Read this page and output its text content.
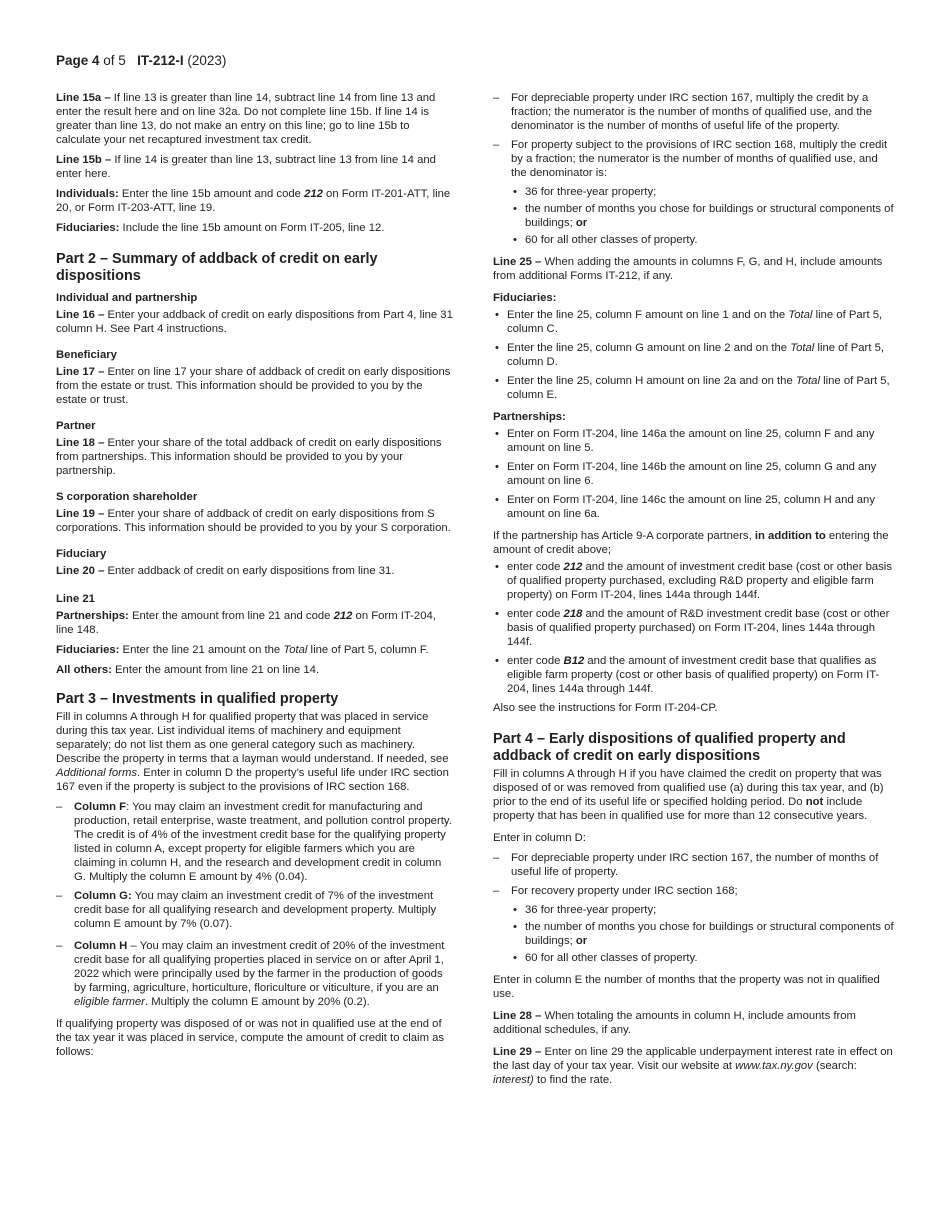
Page 4 of 5 IT-212-I (2023)

Line 15a – If line 13 is greater than line 14, subtract line 14 from line 13 and enter the result here and on line 32a. Do not complete line 15b. If line 14 is greater than line 13, do not make an entry on this line; go to line 15b to calculate your net recaptured investment tax credit.

Line 15b – If line 14 is greater than line 13, subtract line 13 from line 14 and enter here.

Individuals: Enter the line 15b amount and code 212 on Form IT-201-ATT, line 20, or Form IT-203-ATT, line 19.

Fiduciaries: Include the line 15b amount on Form IT-205, line 12.

Part 2 – Summary of addback of credit on early dispositions
Individual and partnership

Line 16 – Enter your addback of credit on early dispositions from Part 4, line 31 column H. See Part 4 instructions.

Beneficiary

Line 17 – Enter on line 17 your share of addback of credit on early dispositions from the estate or trust. This information should be provided to you by the estate or trust.

Partner

Line 18 – Enter your share of the total addback of credit on early dispositions from partnerships. This information should be provided to you by your partnership.

S corporation shareholder

Line 19 – Enter your share of addback of credit on early dispositions from S corporations. This information should be provided to you by your S corporation.

Fiduciary

Line 20 – Enter addback of credit on early dispositions from line 31.

Line 21

Partnerships: Enter the amount from line 21 and code 212 on Form IT-204, line 148.

Fiduciaries: Enter the line 21 amount on the Total line of Part 5, column F.

All others: Enter the amount from line 21 on line 14.

Part 3 – Investments in qualified property

Fill in columns A through H for qualified property that was placed in service during this tax year. List individual items of machinery and equipment separately; do not list them as one general category such as machinery. Describe the property in terms that a layman would understand. If needed, see Additional forms. Enter in column D the property’s useful life under IRC section 167 even if the property is subject to the provisions of IRC section 168.

– Column F: You may claim an investment credit for manufacturing and production, retail enterprise, waste treatment, and pollution control property. The credit is of 4% of the investment credit base for the qualifying property listed in column A, except property for eligible farmers which you are claiming in column H, and the research and development credit in column G. Multiply the column E amount by 4% (0.04).
– Column G: You may claim an investment credit of 7% of the investment credit base for all qualifying research and development property. Multiply column E amount by 7% (0.07).
– Column H – You may claim an investment credit of 20% of the investment credit base for all qualifying properties placed in service on or after April 1, 2022 which were principally used by the farmer in the production of goods by farming, agriculture, horticulture, floriculture or viticulture, if you are an eligible farmer. Multiply the column E amount by 20% (0.2).

If qualifying property was disposed of or was not in qualified use at the end of the tax year it was placed in service, compute the amount of credit to claim as follows:

– For depreciable property under IRC section 167, multiply the credit by a fraction; the numerator is the number of months of qualified use, and the denominator is the number of months of useful life of the property.
– For property subject to the provisions of IRC section 168, multiply the credit by a fraction; the numerator is the number of months of qualified use, and the denominator is:
• 36 for three-year property;
• the number of months you chose for buildings or structural components of buildings; or
• 60 for all other classes of property.

Line 25 – When adding the amounts in columns F, G, and H, include amounts from additional Forms IT-212, if any.

Fiduciaries:
• Enter the line 25, column F amount on line 1 and on the Total line of Part 5, column C.
• Enter the line 25, column G amount on line 2 and on the Total line of Part 5, column D.
• Enter the line 25, column H amount on line 2a and on the Total line of Part 5, column E.
Partnerships:
• Enter on Form IT-204, line 146a the amount on line 25, column F and any amount on line 5.
• Enter on Form IT-204, line 146b the amount on line 25, column G and any amount on line 6.
• Enter on Form IT-204, line 146c the amount on line 25, column H and any amount on line 6a.

If the partnership has Article 9-A corporate partners, in addition to entering the amount of credit above;

• enter code 212 and the amount of investment credit base (cost or other basis of qualified property purchased, excluding R&D property and eligible farm property) on Form IT-204, lines 144a through 144f.
• enter code 218 and the amount of R&D investment credit base (cost or other basis of qualified property purchased) on Form IT-204, lines 144a through 144f.
• enter code B12 and the amount of investment credit base that qualifies as eligible farm property (cost or other basis of qualified property) on Form IT-204, lines 144a through 144f.

Also see the instructions for Form IT-204-CP.

Part 4 – Early dispositions of qualified property and addback of credit on early dispositions

Fill in columns A through H if you have claimed the credit on property that was disposed of or was removed from qualified use (a) during this tax year, and (b) prior to the end of its useful life or specified holding period. Do not include property that has been in qualified use for more than 12 consecutive years.

Enter in column D:

– For depreciable property under IRC section 167, the number of months of useful life of property.
– For recovery property under IRC section 168;
• 36 for three-year property;
• the number of months you chose for buildings or structural components of buildings; or
• 60 for all other classes of property.

Enter in column E the number of months that the property was not in qualified use.

Line 28 – When totaling the amounts in column H, include amounts from additional schedules, if any.

Line 29 – Enter on line 29 the applicable underpayment interest rate in effect on the last day of your tax year. Visit our website at www.tax.ny.gov (search: interest) to find the rate.
